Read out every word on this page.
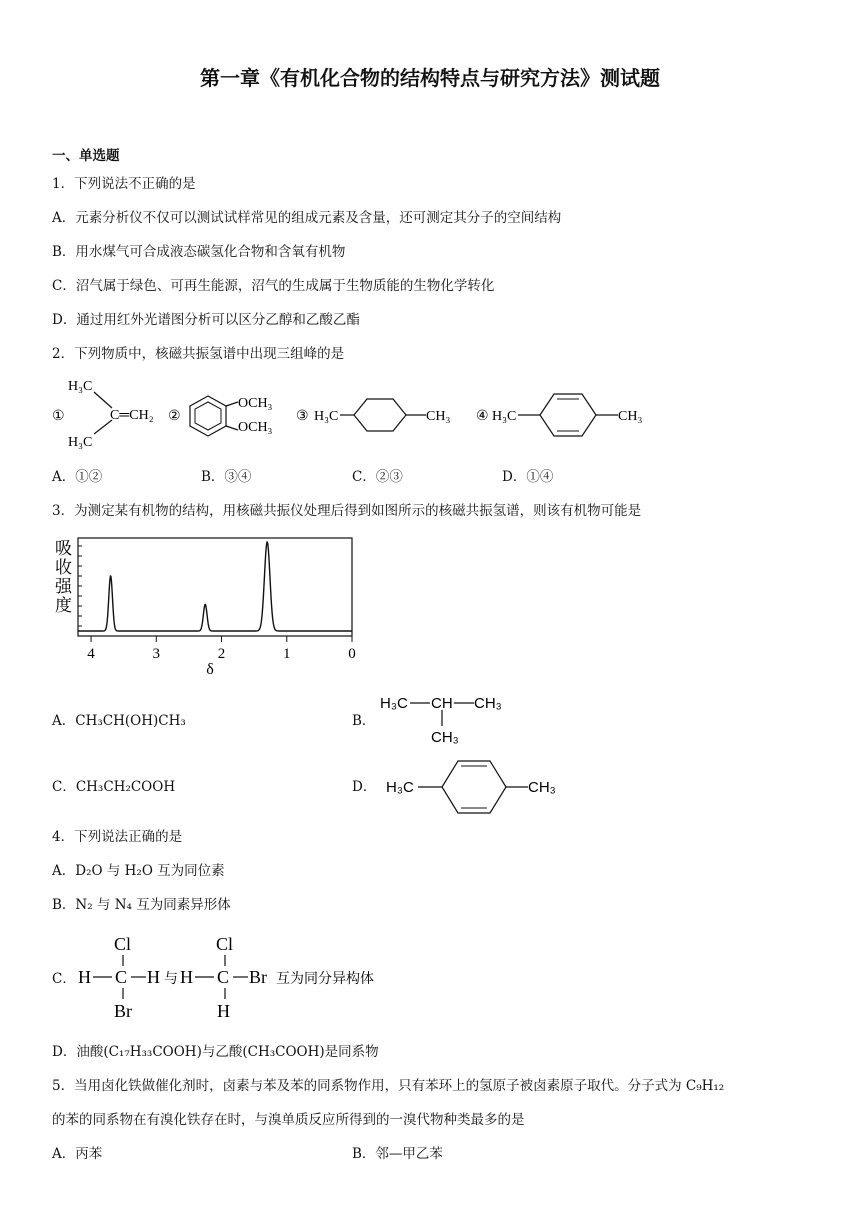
第一章《有机化合物的结构特点与研究方法》测试题
一、单选题
1．下列说法不正确的是
A．元素分析仪不仅可以测试试样常见的组成元素及含量，还可测定其分子的空间结构
B．用水煤气可合成液态碳氢化合物和含氧有机物
C．沼气属于绿色、可再生能源，沼气的生成属于生物质能的生物化学转化
D．通过用红外光谱图分析可以区分乙醇和乙酸乙酯
2．下列物质中，核磁共振氢谱中出现三组峰的是
①
H₃C
H₃C
C═CH₂ ②
OCH₃
OCH₃
③ H₃C	CH₃ ④ H₃C	CH₃
A．①②	B．③④	C．②③	D．①④
3．为测定某有机物的结构，用核磁共振仪处理后得到如图所示的核磁共振氢谱，则该有机物可能是
吸
收
强
度
4	3	2	1	0
δ
A．CH₃CH(OH)CH₃	B．
H₃C CH CH₃
CH₃
C．CH₃CH₂COOH	D． H₃C	CH₃
4．下列说法正确的是
A．D₂O 与 H₂O 互为同位素
B．N₂ 与 N₄ 互为同素异形体
C．
Cl
H C H
Br
与
Cl
H C Br
H
互为同分异构体
D．油酸(C₁₇H₃₃COOH)与乙酸(CH₃COOH)是同系物
5．当用卤化铁做催化剂时，卤素与苯及苯的同系物作用，只有苯环上的氢原子被卤素原子取代。分子式为 C₉H₁₂
的苯的同系物在有溴化铁存在时，与溴单质反应所得到的一溴代物种类最多的是
A．丙苯	B．邻—甲乙苯
